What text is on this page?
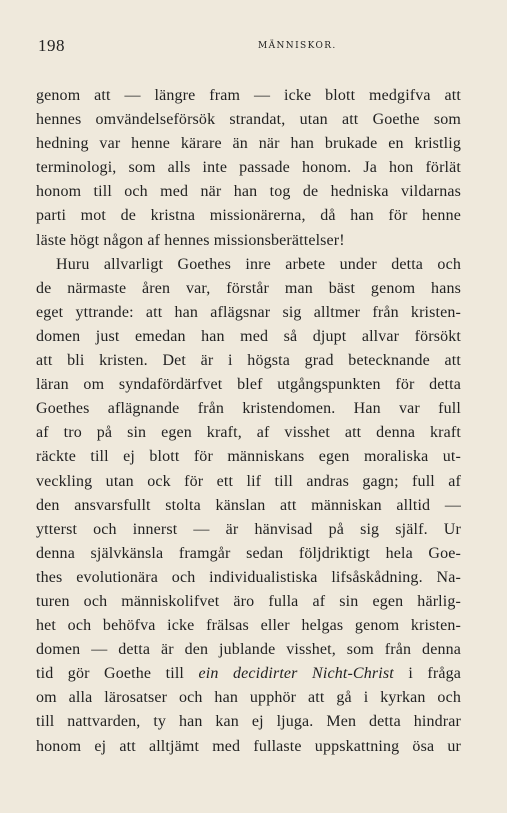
198	MÄNNISKOR.
genom att — längre fram — icke blott medgifva att
hennes omvändelseförsök strandat, utan att Goethe som
hedning var henne kärare än när han brukade en kristlig
terminologi, som alls inte passade honom. Ja hon förlät
honom till och med när han tog de hedniska vildarnas
parti mot de kristna missionärerna, då han för henne
läste högt någon af hennes missionsberättelser!
Huru allvarligt Goethes inre arbete under detta och
de närmaste åren var, förstår man bäst genom hans
eget yttrande: att han aflägsnar sig alltmer från kristen-
domen just emedan han med så djupt allvar försökt
att bli kristen. Det är i högsta grad betecknande att
läran om syndafördärfvet blef utgångspunkten för detta
Goethes aflägnande från kristendomen. Han var full
af tro på sin egen kraft, af visshet att denna kraft
räckte till ej blott för människans egen moraliska ut-
veckling utan ock för ett lif till andras gagn; full af
den ansvarsfullt stolta känslan att människan alltid —
ytterst och innerst — är hänvisad på sig själf. Ur
denna självkänsla framgår sedan följdriktigt hela Goe-
thes evolutionära och individualistiska lifsåskådning. Na-
turen och människolifvet äro fulla af sin egen härlig-
het och behöfva icke frälsas eller helgas genom kristen-
domen — detta är den jublande visshet, som från denna
tid gör Goethe till ein decidirter Nicht-Christ i fråga
om alla lärosatser och han upphör att gå i kyrkan och
till nattvarden, ty han kan ej ljuga. Men detta hindrar
honom ej att alltjämt med fullaste uppskattning ösa ur
